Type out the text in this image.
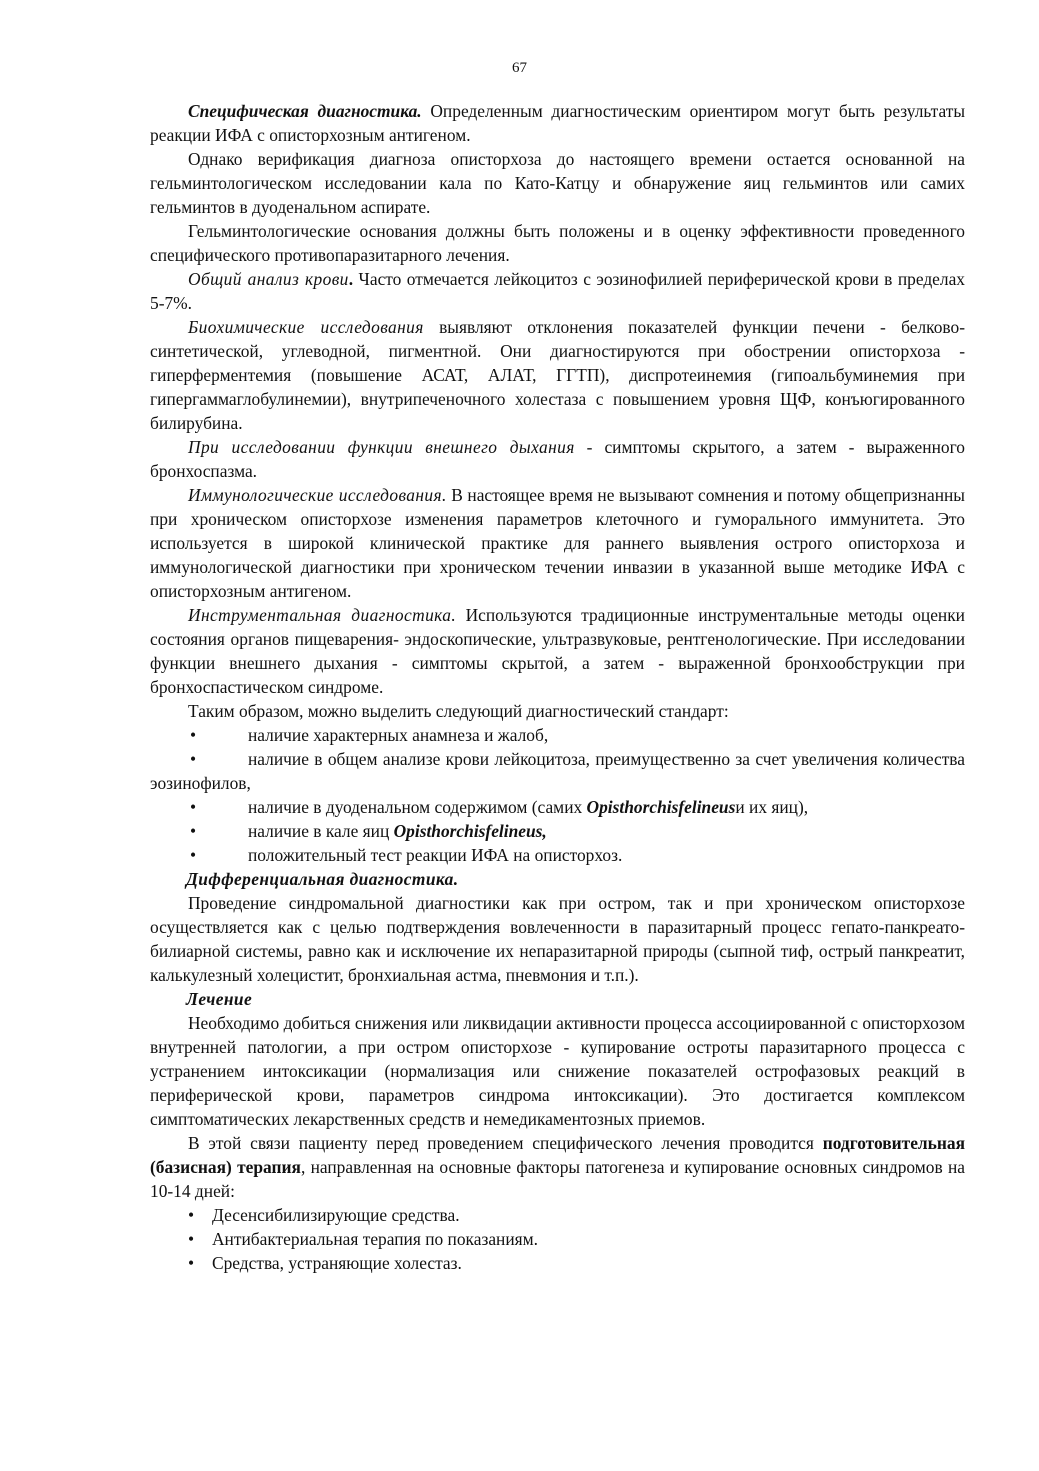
67

Специфическая диагностика. Определенным диагностическим ориентиром могут быть результаты реакции ИФА с описторхозным антигеном.

Однако верификация диагноза описторхоза до настоящего времени остается основанной на гельминтологическом исследовании кала по Като-Катцу и обнаружение яиц гельминтов или самих гельминтов в дуоденальном аспирате.

Гельминтологические основания должны быть положены и в оценку эффективности проведенного специфического противопаразитарного лечения.

Общий анализ крови. Часто отмечается лейкоцитоз с эозинофилией периферической крови в пределах 5-7%.

Биохимические исследования выявляют отклонения показателей функции печени - белково-синтетической, углеводной, пигментной. Они диагностируются при обострении описторхоза - гиперферментемия (повышение АСАТ, АЛАТ, ГГТП), диспротеинемия (гипоальбуминемия при гипергаммаглобулинемии), внутрипеченочного холестаза с повышением уровня ЩФ, конъюгированного билирубина.

При исследовании функции внешнего дыхания - симптомы скрытого, а затем - выраженного бронхоспазма.

Иммунологические исследования. В настоящее время не вызывают сомнения и потому общепризнанны при хроническом описторхозе изменения параметров клеточного и гуморального иммунитета. Это используется в широкой клинической практике для раннего выявления острого описторхоза и иммунологической диагностики при хроническом течении инвазии в указанной выше методике ИФА с описторхозным антигеном.

Инструментальная диагностика. Используются традиционные инструментальные методы оценки состояния органов пищеварения- эндоскопические, ультразвуковые, рентгенологические. При исследовании функции внешнего дыхания - симптомы скрытой, а затем - выраженной бронхообструкции при бронхоспастическом синдроме.

Таким образом, можно выделить следующий диагностический стандарт:

•	наличие характерных анамнеза и жалоб,

•	наличие в общем анализе крови лейкоцитоза, преимущественно за счет увеличения количества эозинофилов,

•	наличие в дуоденальном содержимом (самих Opisthorchisfelineusи их яиц),

•	наличие в кале яиц Opisthorchisfelineus,

•	положительный тест реакции ИФА на описторхоз.

Дифференциальная диагностика.

Проведение синдромальной диагностики как при остром, так и при хроническом описторхозе осуществляется как с целью подтверждения вовлеченности в паразитарный процесс гепато-панкреато-билиарной системы, равно как и исключение их непаразитарной природы (сыпной тиф, острый панкреатит, калькулезный холецистит, бронхиальная астма, пневмония и т.п.).

Лечение

Необходимо добиться снижения или ликвидации активности процесса ассоциированной с описторхозом внутренней патологии, а при остром описторхозе - купирование остроты паразитарного процесса с устранением интоксикации (нормализация или снижение показателей острофазовых реакций в периферической крови, параметров синдрома интоксикации). Это достигается комплексом симптоматических лекарственных средств и немедикаментозных приемов.

В этой связи пациенту перед проведением специфического лечения проводится подготовительная (базисная) терапия, направленная на основные факторы патогенеза и купирование основных синдромов на 10-14 дней:

• Десенсибилизирующие средства.

• Антибактериальная терапия по показаниям.

• Средства, устраняющие холестаз.
